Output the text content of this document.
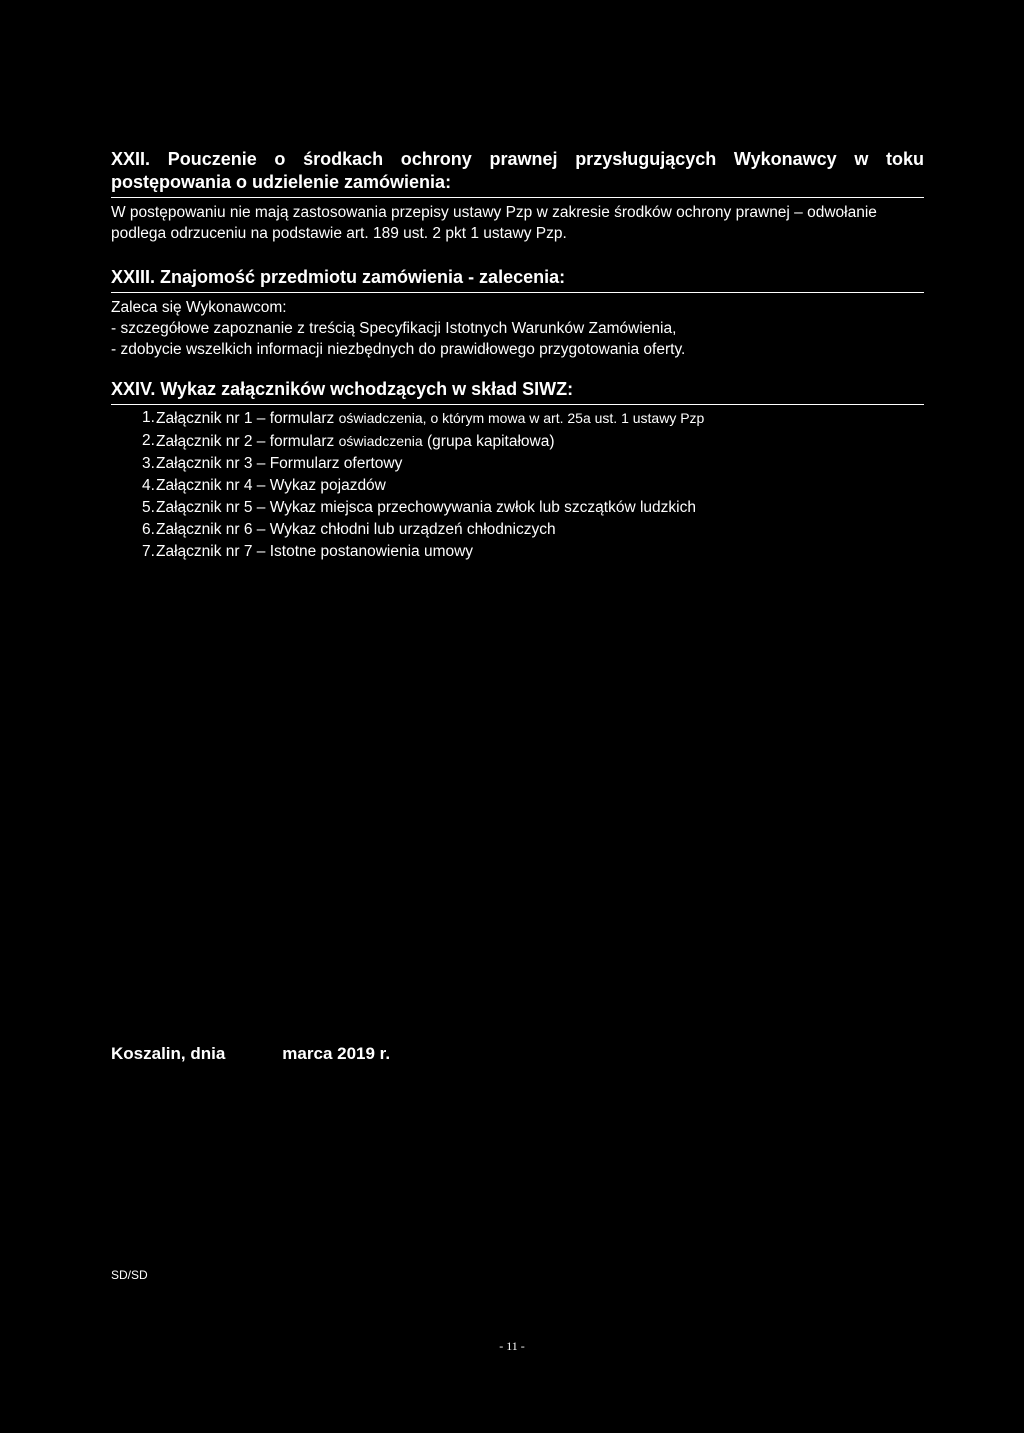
XXII. Pouczenie o środkach ochrony prawnej przysługujących Wykonawcy w toku postępowania o udzielenie zamówienia:

W postępowaniu nie mają zastosowania przepisy ustawy Pzp w zakresie środków ochrony prawnej – odwołanie podlega odrzuceniu na podstawie art. 189 ust. 2 pkt 1 ustawy Pzp.

XXIII. Znajomość przedmiotu zamówienia - zalecenia:

Zaleca się Wykonawcom:

- szczegółowe zapoznanie z treścią Specyfikacji Istotnych Warunków Zamówienia,

- zdobycie wszelkich informacji niezbędnych do prawidłowego przygotowania oferty.

XXIV. Wykaz załączników wchodzących w skład SIWZ:
1. Załącznik nr 1 – formularz oświadczenia, o którym mowa w art. 25a ust. 1 ustawy Pzp
2. Załącznik nr 2 – formularz oświadczenia (grupa kapitałowa)
3. Załącznik nr 3 – Formularz ofertowy
4. Załącznik nr 4 – Wykaz pojazdów
5. Załącznik nr 5 – Wykaz miejsca przechowywania zwłok lub szczątków ludzkich
6. Załącznik nr 6 – Wykaz chłodni lub urządzeń chłodniczych
7. Załącznik nr 7 – Istotne postanowienia umowy
Koszalin, dnia	marca 2019 r.
SD/SD
- 11 -
